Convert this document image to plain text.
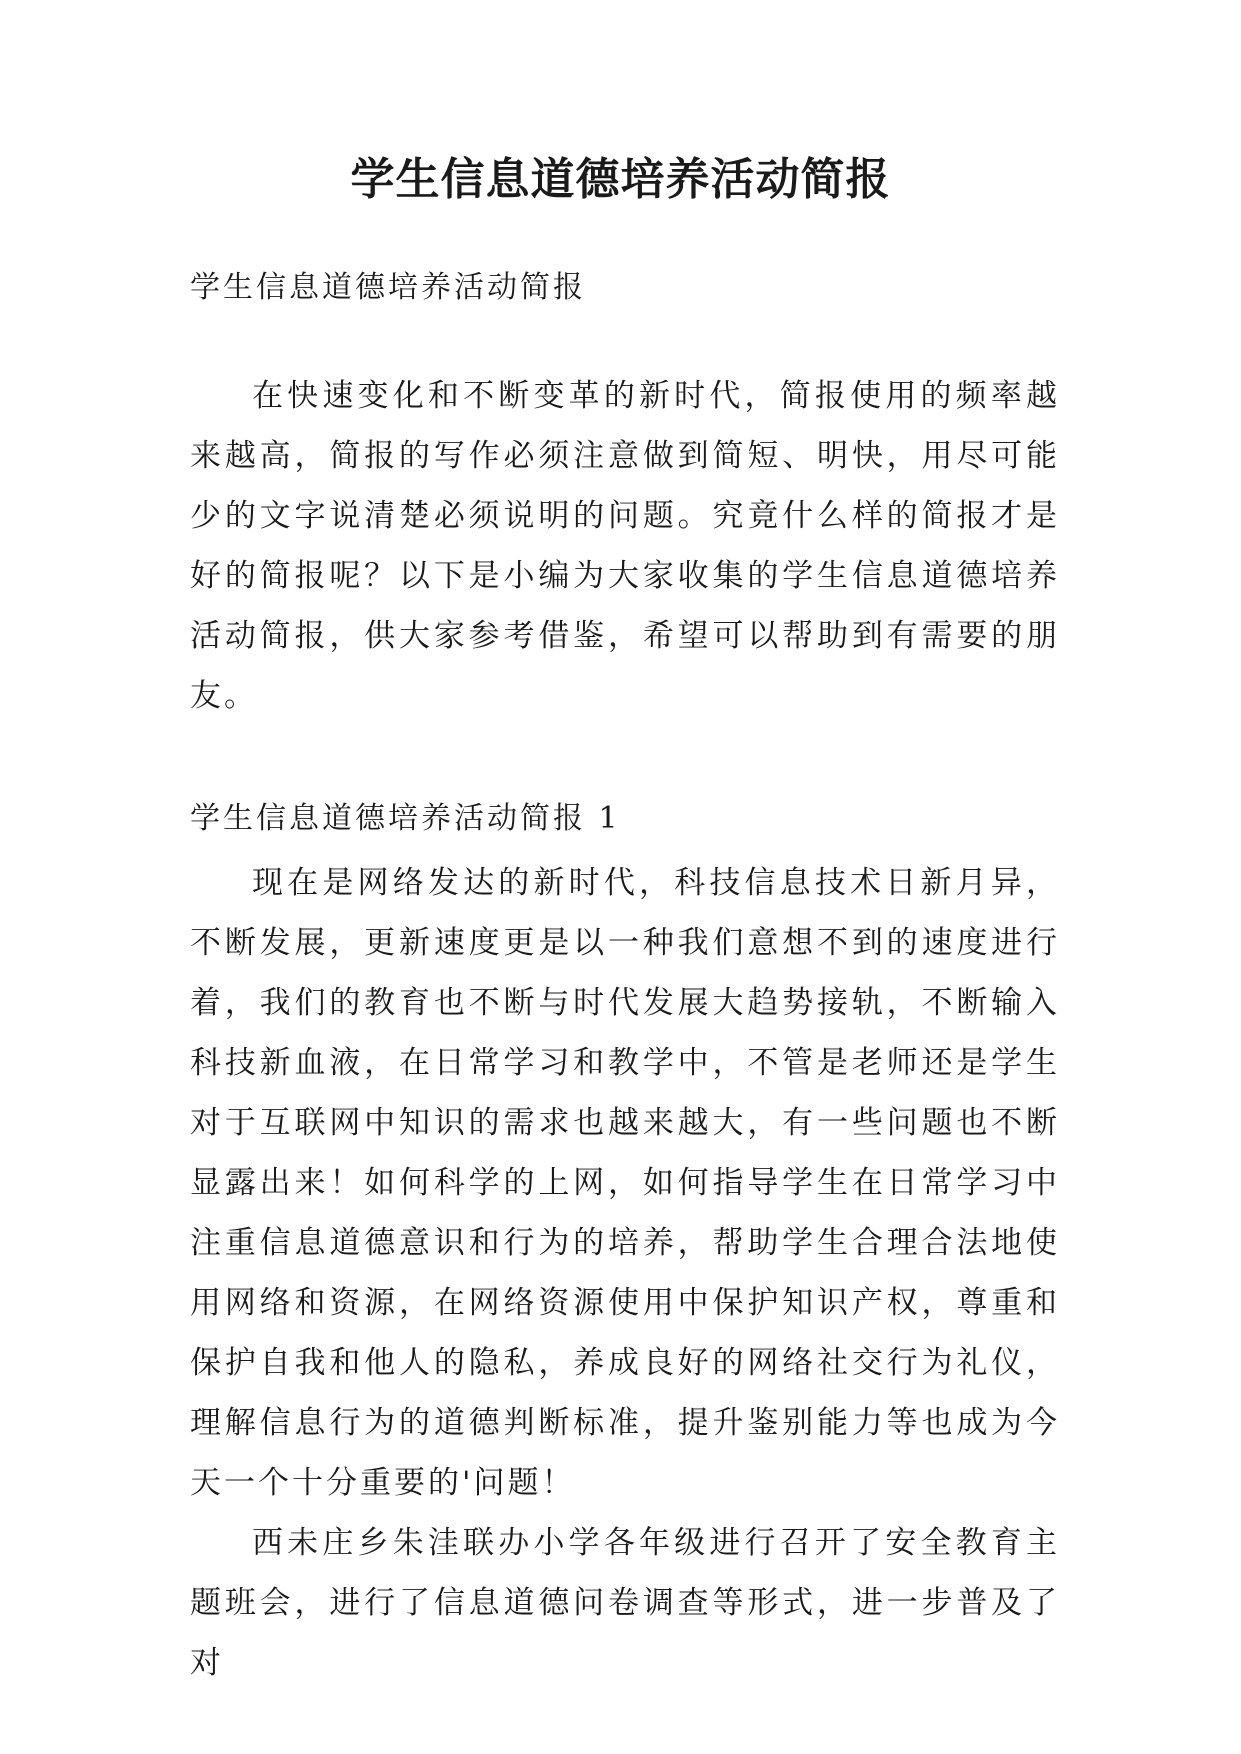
学生信息道德培养活动简报

学生信息道德培养活动简报

在快速变化和不断变革的新时代，简报使用的频率越来越高，简报的写作必须注意做到简短、明快，用尽可能少的文字说清楚必须说明的问题。究竟什么样的简报才是好的简报呢？以下是小编为大家收集的学生信息道德培养活动简报，供大家参考借鉴，希望可以帮助到有需要的朋友。

学生信息道德培养活动简报 1

现在是网络发达的新时代，科技信息技术日新月异，不断发展，更新速度更是以一种我们意想不到的速度进行着，我们的教育也不断与时代发展大趋势接轨，不断输入科技新血液，在日常学习和教学中，不管是老师还是学生对于互联网中知识的需求也越来越大，有一些问题也不断显露出来！如何科学的上网，如何指导学生在日常学习中注重信息道德意识和行为的培养，帮助学生合理合法地使用网络和资源，在网络资源使用中保护知识产权，尊重和保护自我和他人的隐私，养成良好的网络社交行为礼仪，理解信息行为的道德判断标准，提升鉴别能力等也成为今天一个十分重要的'问题！

西未庄乡朱洼联办小学各年级进行召开了安全教育主题班会，进行了信息道德问卷调查等形式，进一步普及了对
